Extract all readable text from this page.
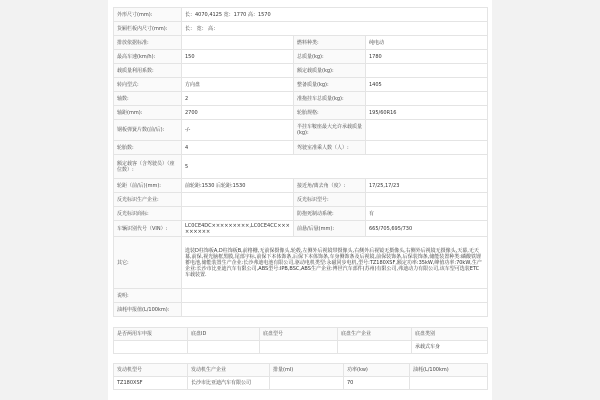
外形尺寸(mm):	长：4070,4125 宽：1770 高：1570		
货厢栏板内尺寸(mm):	长： 宽： 高：		
排放依据标准:		燃料种类:	纯电动
最高车速(km/h):	150	总质量(kg):	1780
载质量利用系数:		额定载质量(kg):	
转向型式:	方向盘	整备质量(kg):	1405
轴数:	2	准拖挂车总质量(kg):	
轴距(mm):	2700	轮胎规格:	195/60R16
钢板弹簧片数(前/后):	-/-	半挂车鞍座最大允许承载质量(kg):	
轮胎数:	4	驾驶室准乘人数（人）:	
额定载客（含驾驶员）（座位数）:	5		
轮距（前/后)(mm):	前轮距:1530 后轮距:1530	接近角/离去角（度）:	17/25,17/23
反光标识生产企业:		反光标识型号:	
反光标识商标:		防抱死制动系统:	有
车辆识别代号（VIN）:	LC0CE4DC×××××××××,LC0CE4CC×××××××××	前悬/后悬(mm):	665/705,695/730
其它:	选装D柱饰板A,D柱饰板B,前格栅,无前保摄像头,轮毂,左侧外后视镜带摄像头,右侧外后视镜无摄像头,右侧外后视镜无摄像头,天幕,无天幕,前保,视光脑框黑膜,尾部字标,前保下本体饰条,后保下本体饰条,车身侧饰条及后视镜,前保装饰条,后保装饰条,储能装置种类:磷酸铁锂蓄电池,储能装置生产企业:长沙弗迪电池有限公司,驱动电机类型:永磁同步电机,型号:TZ180XSF,额定功率:35kW,峰值功率:70kW,生产企业:长沙市比亚迪汽车有限公司,ABS型号:IPB,BSC,ABS生产企业:博世汽车部件(苏州)有限公司,弗迪动力有限公司,该车型可选装ETC车载装置.		
说明:			
油耗申报值(L/100km):			
是否两用车申报	底盘ID	底盘型号	底盘生产企业	底盘类别
				承载式车身
发动机型号	发动机生产企业	排量(ml)	功率(kw)	油耗(L/100km)
TZ180XSF	长沙市比亚迪汽车有限公司		70	
